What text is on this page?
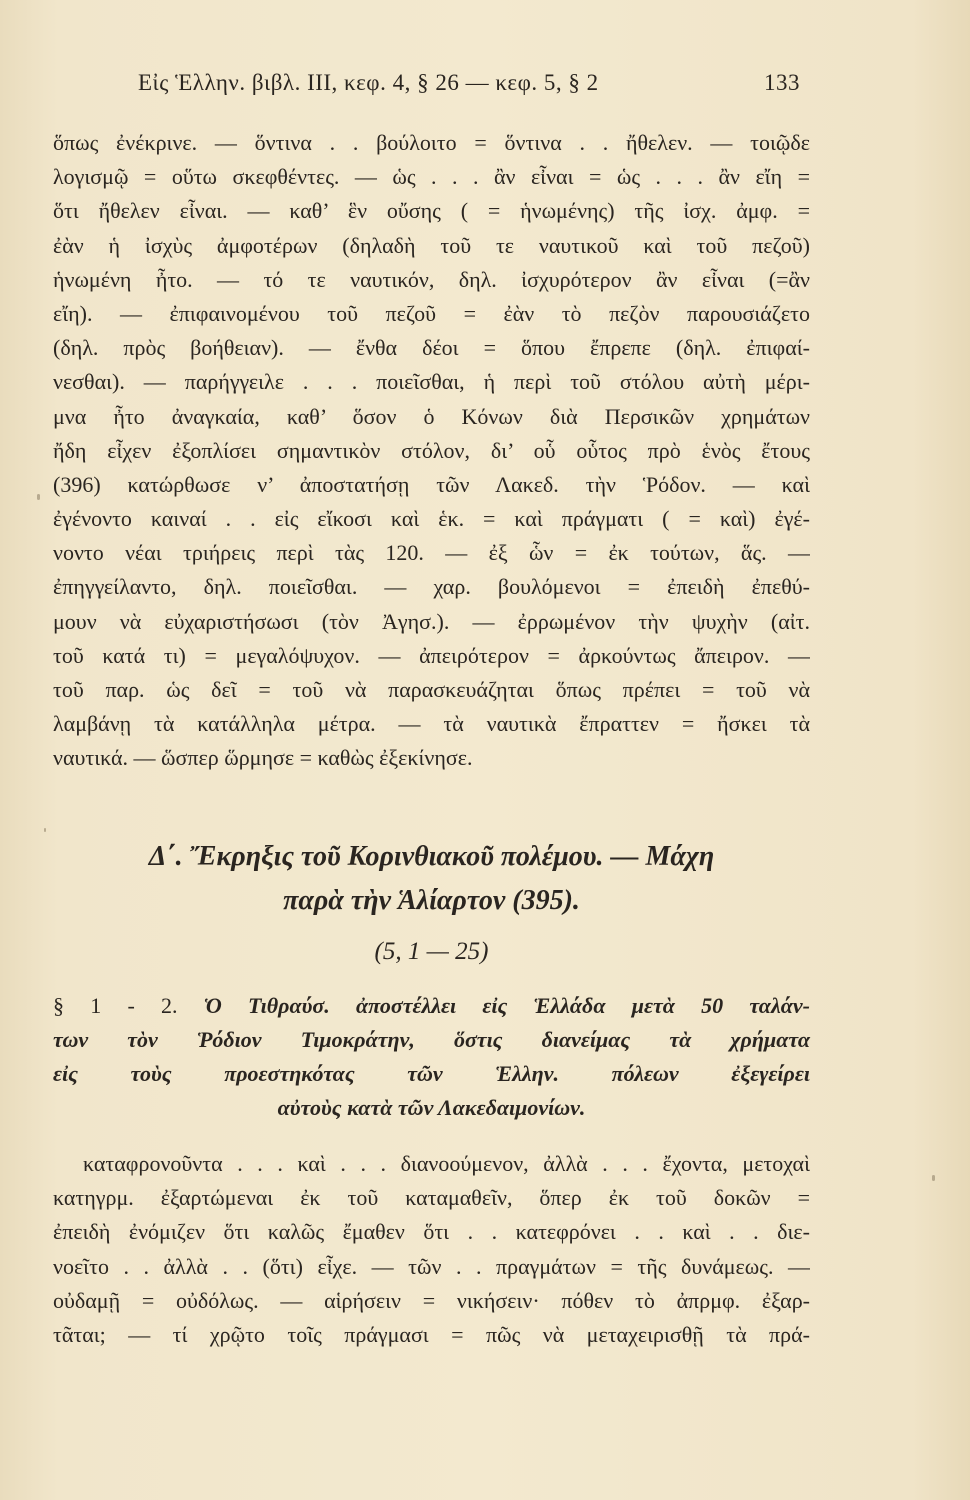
Εἰς Ἑλλην. βιβλ. III, κεφ. 4, § 26 — κεφ. 5, § 2	133
ὅπως ἐνέκρινε. — ὅντινα . . βούλοιτο = ὅντινα . . ἤθελεν. — τοιῷδε
λογισμῷ = οὕτω σκεφθέντες. — ὡς . . . ἂν εἶναι = ὡς . . . ἂν εἴη =
ὅτι ἤθελεν εἶναι. — καθ’ ἓν οὔσης ( = ἡνωμένης) τῆς ἰσχ. ἀμφ. =
ἐὰν ἡ ἰσχὺς ἀμφοτέρων (δηλαδὴ τοῦ τε ναυτικοῦ καὶ τοῦ πεζοῦ)
ἡνωμένη ἦτο. — τό τε ναυτικόν, δηλ. ἰσχυρότερον ἂν εἶναι (=ἂν
εἴη). — ἐπιφαινομένου τοῦ πεζοῦ = ἐὰν τὸ πεζὸν παρουσιάζετο
(δηλ. πρὸς βοήθειαν). — ἔνθα δέοι = ὅπου ἔπρεπε (δηλ. ἐπιφαί-
νεσθαι). — παρήγγειλε . . . ποιεῖσθαι, ἡ περὶ τοῦ στόλου αὐτὴ μέρι-
μνα ἦτο ἀναγκαία, καθ’ ὅσον ὁ Κόνων διὰ Περσικῶν χρημάτων
ἤδη εἶχεν ἐξοπλίσει σημαντικὸν στόλον, δι’ οὗ οὗτος πρὸ ἑνὸς ἔτους
(396) κατώρθωσε ν’ ἀποστατήσῃ τῶν Λακεδ. τὴν Ῥόδον. — καὶ
ἐγένοντο καιναί . . εἰς εἴκοσι καὶ ἑκ. = καὶ πράγματι ( = καὶ) ἐγέ-
νοντο νέαι τριήρεις περὶ τὰς 120. — ἐξ ὧν = ἐκ τούτων, ἅς. —
ἐπηγγείλαντο, δηλ. ποιεῖσθαι. — χαρ. βουλόμενοι = ἐπειδὴ ἐπεθύ-
μουν νὰ εὐχαριστήσωσι (τὸν Ἀγησ.). — ἐρρωμένον τὴν ψυχὴν (αἰτ.
τοῦ κατά τι) = μεγαλόψυχον. — ἀπειρότερον = ἀρκούντως ἄπειρον. —
τοῦ παρ. ὡς δεῖ = τοῦ νὰ παρασκευάζηται ὅπως πρέπει = τοῦ νὰ
λαμβάνῃ τὰ κατάλληλα μέτρα. — τὰ ναυτικὰ ἔπραττεν = ἤσκει τὰ
ναυτικά. — ὥσπερ ὥρμησε = καθὼς ἐξεκίνησε.
Δ΄. Ἔκρηξις τοῦ Κορινθιακοῦ πολέμου. — Μάχη
παρὰ τὴν Ἁλίαρτον (395).
(5, 1 — 25)
§ 1 - 2. Ὁ Τιθραύσ. ἀποστέλλει εἰς Ἑλλάδα μετὰ 50 ταλάν-
των τὸν Ῥόδιον Τιμοκράτην, ὅστις διανείμας τὰ χρήματα
εἰς τοὺς προεστηκότας τῶν Ἑλλην. πόλεων ἐξεγείρει
αὐτοὺς κατὰ τῶν Λακεδαιμονίων.
καταφρονοῦντα . . . καὶ . . . διανοούμενον, ἀλλὰ . . . ἔχοντα, μετοχαὶ
κατηγρμ. ἐξαρτώμεναι ἐκ τοῦ καταμαθεῖν, ὅπερ ἐκ τοῦ δοκῶν =
ἐπειδὴ ἐνόμιζεν ὅτι καλῶς ἔμαθεν ὅτι . . κατεφρόνει . . καὶ . . διε-
νοεῖτο . . ἀλλὰ . . (ὅτι) εἶχε. — τῶν . . πραγμάτων = τῆς δυνάμεως. —
οὐδαμῇ = οὐδόλως. — αἱρήσειν = νικήσειν· πόθεν τὸ ἀπρμφ. ἐξαρ-
τᾶται; — τί χρῷτο τοῖς πράγμασι = πῶς νὰ μεταχειρισθῇ τὰ πρά-
